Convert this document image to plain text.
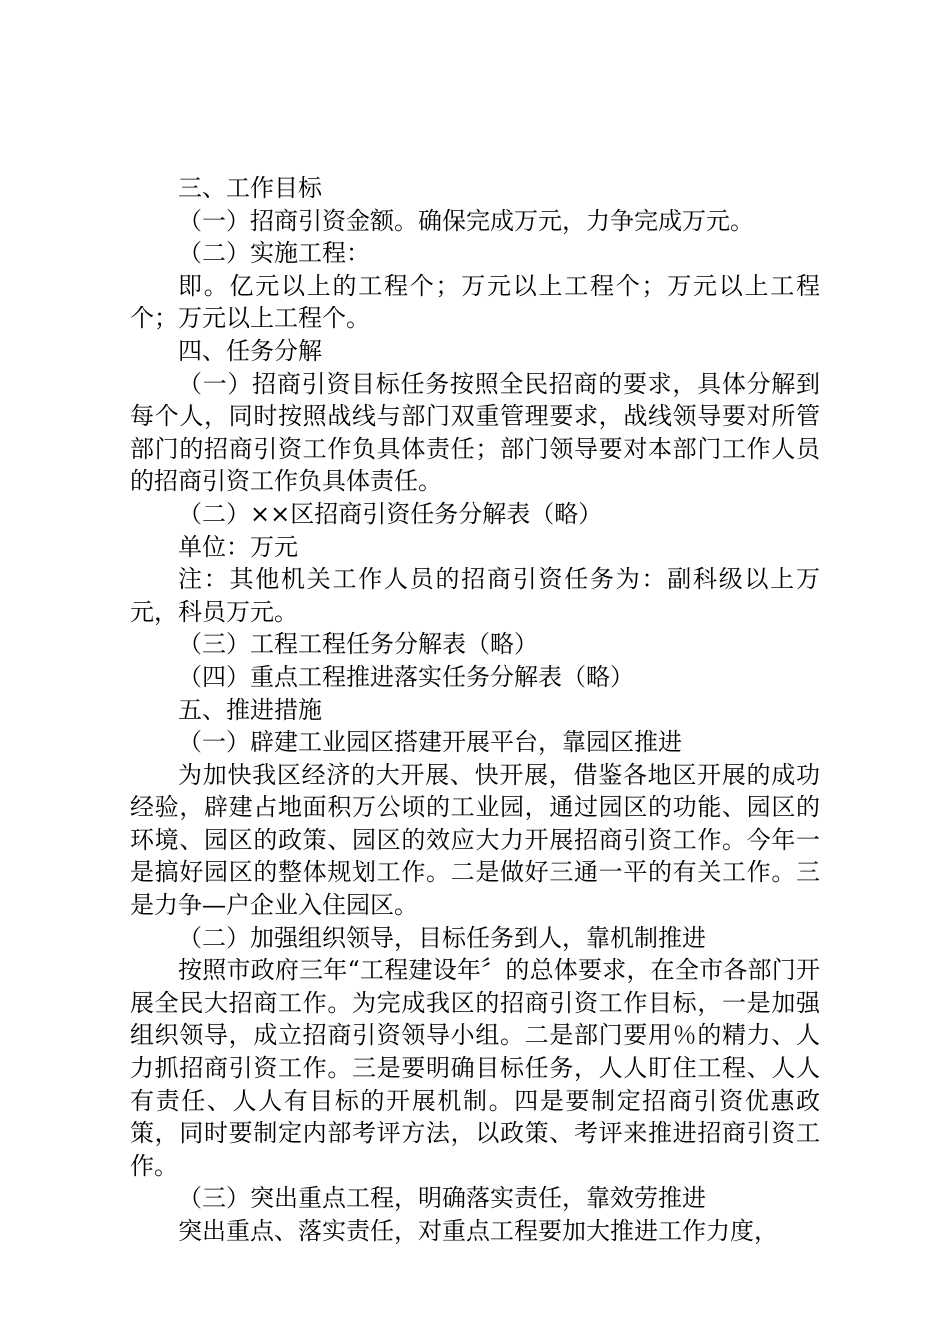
三、工作目标

（一）招商引资金额。确保完成万元，力争完成万元。

（二）实施工程：

即。亿元以上的工程个；万元以上工程个；万元以上工程个；万元以上工程个。

四、任务分解

（一）招商引资目标任务按照全民招商的要求，具体分解到每个人，同时按照战线与部门双重管理要求，战线领导要对所管部门的招商引资工作负具体责任；部门领导要对本部门工作人员的招商引资工作负具体责任。

（二）××区招商引资任务分解表（略）

单位：万元

注：其他机关工作人员的招商引资任务为：副科级以上万元，科员万元。

（三）工程工程任务分解表（略）

（四）重点工程推进落实任务分解表（略）

五、推进措施

（一）辟建工业园区搭建开展平台，靠园区推进

为加快我区经济的大开展、快开展，借鉴各地区开展的成功经验，辟建占地面积万公顷的工业园，通过园区的功能、园区的环境、园区的政策、园区的效应大力开展招商引资工作。今年一是搞好园区的整体规划工作。二是做好三通一平的有关工作。三是力争—户企业入住园区。

（二）加强组织领导，目标任务到人，靠机制推进

按照市政府三年“工程建设年〞的总体要求，在全市各部门开展全民大招商工作。为完成我区的招商引资工作目标，一是加强组织领导，成立招商引资领导小组。二是部门要用％的精力、人力抓招商引资工作。三是要明确目标任务，人人盯住工程、人人有责任、人人有目标的开展机制。四是要制定招商引资优惠政策，同时要制定内部考评方法，以政策、考评来推进招商引资工作。

（三）突出重点工程，明确落实责任，靠效劳推进

突出重点、落实责任，对重点工程要加大推进工作力度，
